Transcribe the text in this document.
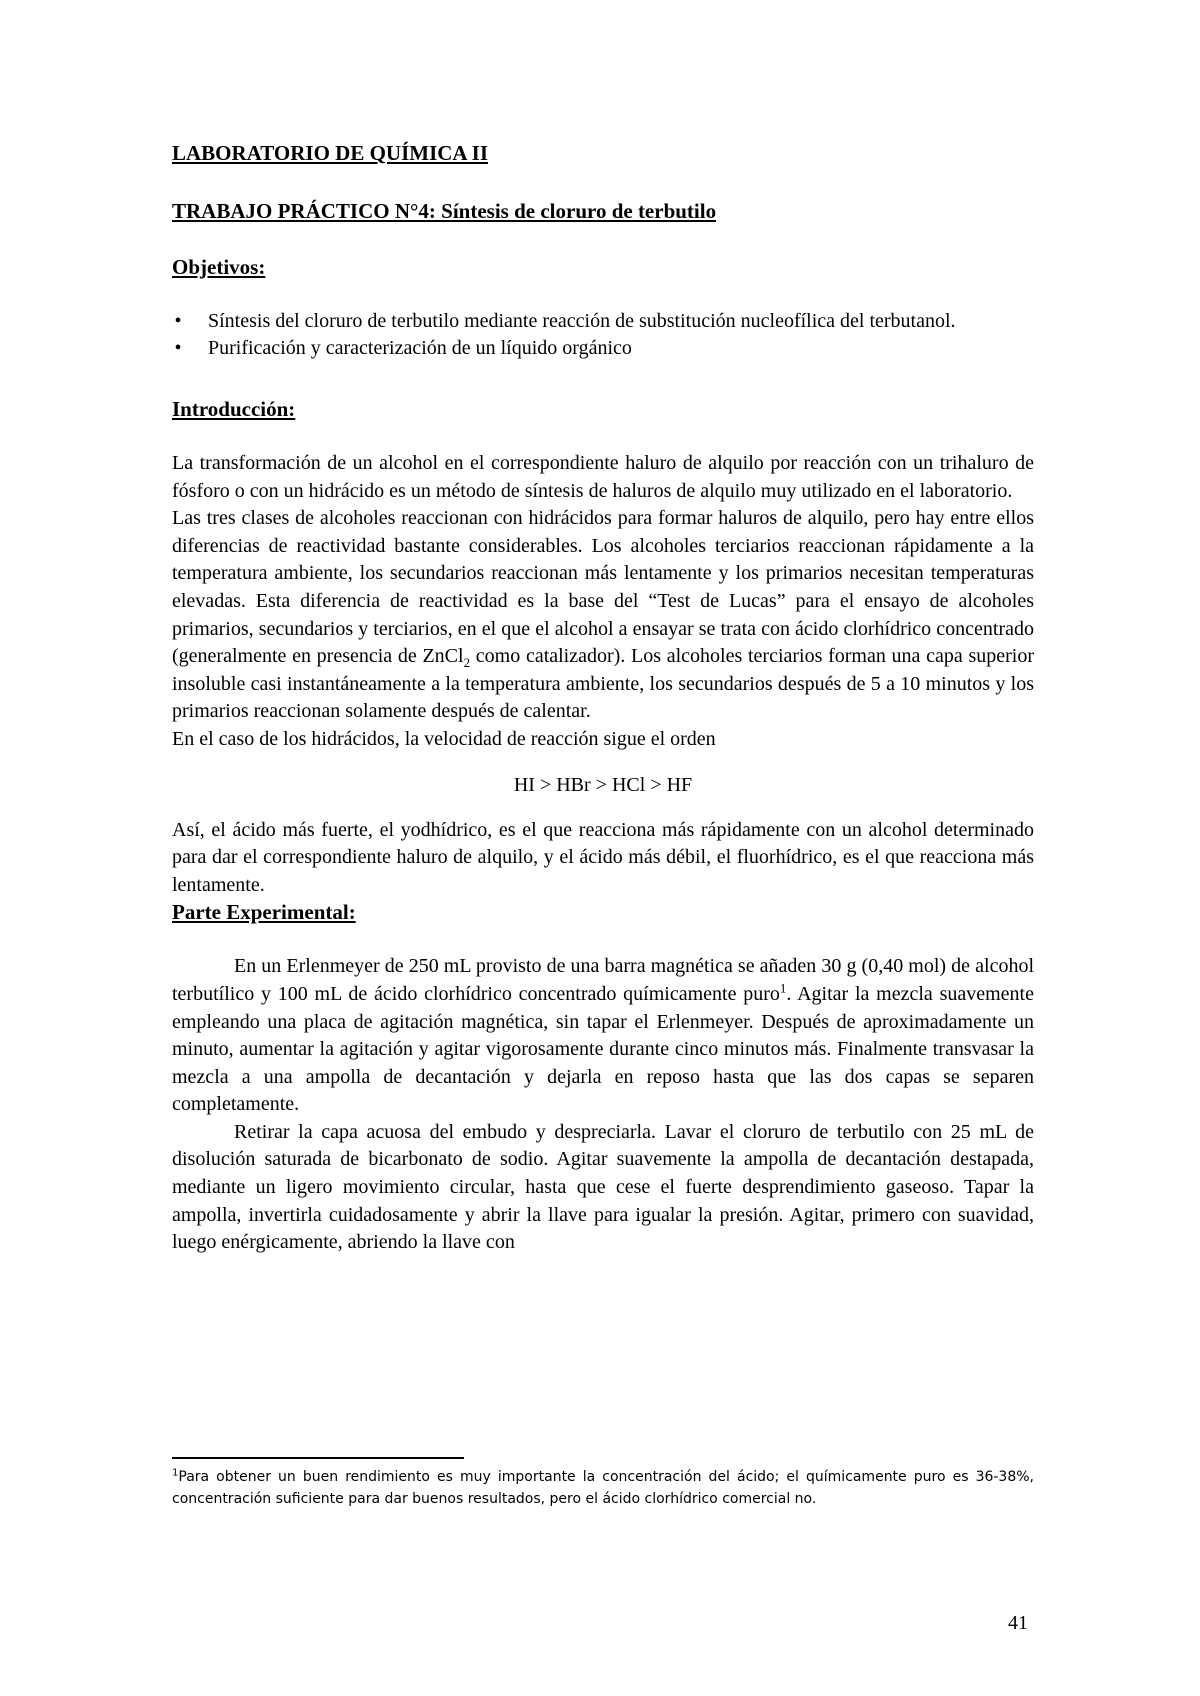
LABORATORIO DE QUÍMICA II
TRABAJO PRÁCTICO N°4: Síntesis de cloruro de terbutilo
Objetivos:
• Síntesis del cloruro de terbutilo mediante reacción de substitución nucleofílica del terbutanol.
• Purificación y caracterización de un líquido orgánico
Introducción:

La transformación de un alcohol en el correspondiente haluro de alquilo por reacción con un trihaluro de fósforo o con un hidrácido es un método de síntesis de haluros de alquilo muy utilizado en el laboratorio.

Las tres clases de alcoholes reaccionan con hidrácidos para formar haluros de alquilo, pero hay entre ellos diferencias de reactividad bastante considerables. Los alcoholes terciarios reaccionan rápidamente a la temperatura ambiente, los secundarios reaccionan más lentamente y los primarios necesitan temperaturas elevadas. Esta diferencia de reactividad es la base del “Test de Lucas” para el ensayo de alcoholes primarios, secundarios y terciarios, en el que el alcohol a ensayar se trata con ácido clorhídrico concentrado (generalmente en presencia de ZnCl$_2$ como catalizador). Los alcoholes terciarios forman una capa superior insoluble casi instantáneamente a la temperatura ambiente, los secundarios después de 5 a 10 minutos y los primarios reaccionan solamente después de calentar.

En el caso de los hidrácidos, la velocidad de reacción sigue el orden

HI > HBr > HCl > HF

Así, el ácido más fuerte, el yodhídrico, es el que reacciona más rápidamente con un alcohol determinado para dar el correspondiente haluro de alquilo, y el ácido más débil, el fluorhídrico, es el que reacciona más lentamente.

Parte Experimental:

En un Erlenmeyer de 250 mL provisto de una barra magnética se añaden 30 g (0,40 mol) de alcohol terbutílico y 100 mL de ácido clorhídrico concentrado químicamente puro$^1$. Agitar la mezcla suavemente empleando una placa de agitación magnética, sin tapar el Erlenmeyer. Después de aproximadamente un minuto, aumentar la agitación y agitar vigorosamente durante cinco minutos más. Finalmente transvasar la mezcla a una ampolla de decantación y dejarla en reposo hasta que las dos capas se separen completamente.

Retirar la capa acuosa del embudo y despreciarla. Lavar el cloruro de terbutilo con 25 mL de disolución saturada de bicarbonato de sodio. Agitar suavemente la ampolla de decantación destapada, mediante un ligero movimiento circular, hasta que cese el fuerte desprendimiento gaseoso. Tapar la ampolla, invertirla cuidadosamente y abrir la llave para igualar la presión. Agitar, primero con suavidad, luego enérgicamente, abriendo la llave con

$^1$Para obtener un buen rendimiento es muy importante la concentración del ácido; el químicamente puro es 36-38%, concentración suficiente para dar buenos resultados, pero el ácido clorhídrico comercial no.
41
